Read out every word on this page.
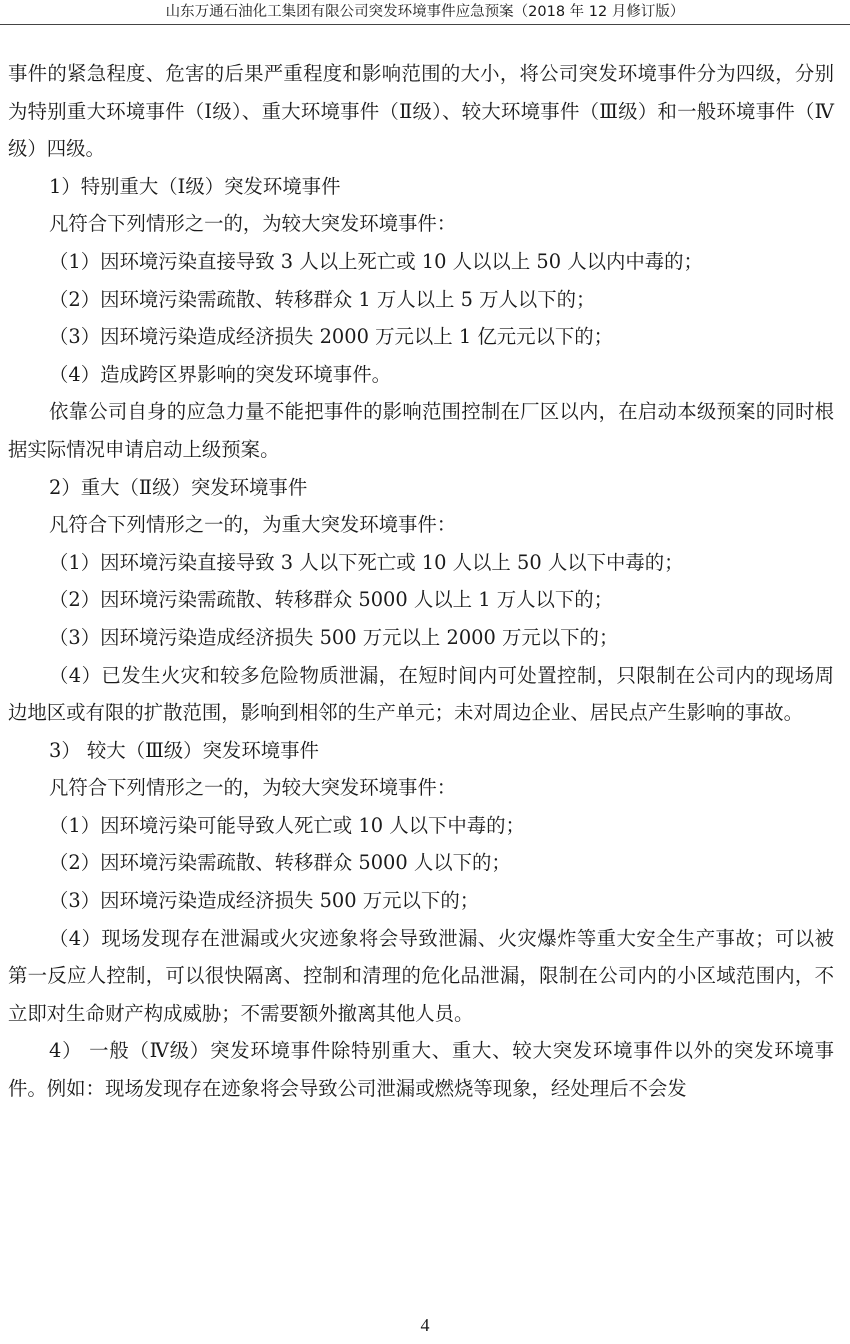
山东万通石油化工集团有限公司突发环境事件应急预案（2018 年 12 月修订版）

事件的紧急程度、危害的后果严重程度和影响范围的大小，将公司突发环境事件分为四级，分别为特别重大环境事件（Ⅰ级）、重大环境事件（Ⅱ级）、较大环境事件（Ⅲ级）和一般环境事件（Ⅳ级）四级。

1）特别重大（Ⅰ级）突发环境事件

凡符合下列情形之一的，为较大突发环境事件：

（1）因环境污染直接导致 3 人以上死亡或 10 人以以上 50 人以内中毒的；

（2）因环境污染需疏散、转移群众 1 万人以上 5 万人以下的；

（3）因环境污染造成经济损失 2000 万元以上 1 亿元元以下的；

（4）造成跨区界影响的突发环境事件。

依靠公司自身的应急力量不能把事件的影响范围控制在厂区以内，在启动本级预案的同时根据实际情况申请启动上级预案。

2）重大（Ⅱ级）突发环境事件

凡符合下列情形之一的，为重大突发环境事件：

（1）因环境污染直接导致 3 人以下死亡或 10 人以上 50 人以下中毒的；

（2）因环境污染需疏散、转移群众 5000 人以上 1 万人以下的；

（3）因环境污染造成经济损失 500 万元以上 2000 万元以下的；

（4）已发生火灾和较多危险物质泄漏，在短时间内可处置控制，只限制在公司内的现场周边地区或有限的扩散范围，影响到相邻的生产单元；未对周边企业、居民点产生影响的事故。

3） 较大（Ⅲ级）突发环境事件

凡符合下列情形之一的，为较大突发环境事件：

（1）因环境污染可能导致人死亡或 10 人以下中毒的；

（2）因环境污染需疏散、转移群众 5000 人以下的；

（3）因环境污染造成经济损失 500 万元以下的；

（4）现场发现存在泄漏或火灾迹象将会导致泄漏、火灾爆炸等重大安全生产事故；可以被第一反应人控制，可以很快隔离、控制和清理的危化品泄漏，限制在公司内的小区域范围内，不立即对生命财产构成威胁；不需要额外撤离其他人员。

4） 一般（Ⅳ级）突发环境事件除特别重大、重大、较大突发环境事件以外的突发环境事件。例如：现场发现存在迹象将会导致公司泄漏或燃烧等现象，经处理后不会发

4
